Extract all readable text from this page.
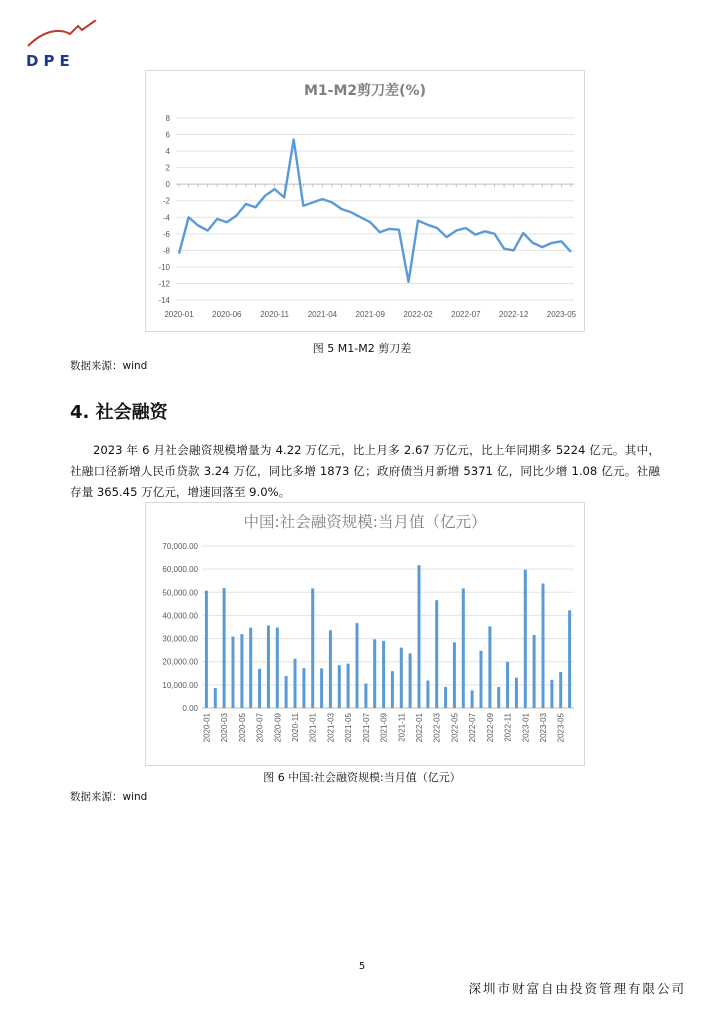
DPE
M1-M2剪刀差(%)
8
6
4
2
0
-2
-4
-6
-8
-10
-12
-14
2020-01 2020-06 2020-11 2021-04 2021-09 2022-02 2022-07 2022-12 2023-05
图 5 M1-M2 剪刀差
数据来源：wind
4. 社会融资

2023 年 6 月社会融资规模增量为 4.22 万亿元，比上月多 2.67 万亿元，比上年同期多 5224 亿元。其中，社融口径新增人民币贷款 3.24 万亿，同比多增 1873 亿；政府债当月新增 5371 亿，同比少增 1.08 亿元。社融存量 365.45 万亿元，增速回落至 9.0%。

中国:社会融资规模:当月值（亿元）
70,000.00
60,000.00
50,000.00
40,000.00
30,000.00
20,000.00
10,000.00
0.00
2020-01 2020-03 2020-05 2020-07 2020-09 2020-11 2021-01 2021-03 2021-05 2021-07 2021-09 2021-11 2022-01 2022-03 2022-05 2022-07 2022-09 2022-11 2023-01 2023-03 2023-05
图 6 中国:社会融资规模:当月值（亿元）
数据来源：wind
5
深圳市财富自由投资管理有限公司
